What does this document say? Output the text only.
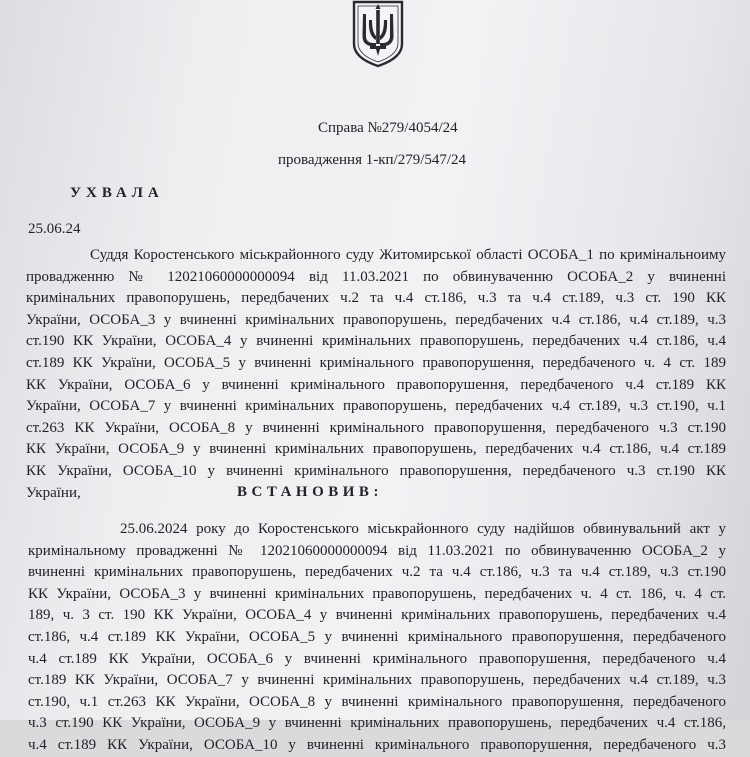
Справа №279/4054/24
провадження 1-кп/279/547/24
УХВАЛА
25.06.24
Суддя Коростенського міськрайонного суду Житомирської області ОСОБА_1 по кримінальноиму
провадженню № 12021060000000094 від 11.03.2021 по обвинуваченню ОСОБА_2 у вчиненні
кримінальних правопорушень, передбачених ч.2 та ч.4 ст.186, ч.3 та ч.4 ст.189, ч.3 ст. 190 КК
України, ОСОБА_3 у вчиненні кримінальних правопорушень, передбачених ч.4 ст.186, ч.4 ст.189, ч.3
ст.190 КК України, ОСОБА_4 у вчиненні кримінальних правопорушень, передбачених ч.4 ст.186, ч.4
ст.189 КК України, ОСОБА_5 у вчиненні кримінального правопорушення, передбаченого ч. 4 ст. 189
КК України, ОСОБА_6 у вчиненні кримінального правопорушення, передбаченого ч.4 ст.189 КК
України, ОСОБА_7 у вчиненні кримінальних правопорушень, передбачених ч.4 ст.189, ч.3 ст.190, ч.1
ст.263 КК України, ОСОБА_8 у вчиненні кримінального правопорушення, передбаченого ч.3 ст.190
КК України, ОСОБА_9 у вчиненні кримінальних правопорушень, передбачених ч.4 ст.186, ч.4 ст.189
КК України, ОСОБА_10 у вчиненні кримінального правопорушення, передбаченого ч.3 ст.190 КК
України,	ВСТАНОВИВ:
25.06.2024 року до Коростенського міськрайонного суду надійшов обвинувальний акт у
кримінальному провадженні № 12021060000000094 від 11.03.2021 по обвинуваченню ОСОБА_2 у
вчиненні кримінальних правопорушень, передбачених ч.2 та ч.4 ст.186, ч.3 та ч.4 ст.189, ч.3 ст.190
КК України, ОСОБА_3 у вчиненні кримінальних правопорушень, передбачених ч. 4 ст. 186, ч. 4 ст.
189, ч. 3 ст. 190 КК України, ОСОБА_4 у вчиненні кримінальних правопорушень, передбачених ч.4
ст.186, ч.4 ст.189 КК України, ОСОБА_5 у вчиненні кримінального правопорушення, передбаченого
ч.4 ст.189 КК України, ОСОБА_6 у вчиненні кримінального правопорушення, передбаченого ч.4
ст.189 КК України, ОСОБА_7 у вчиненні кримінальних правопорушень, передбачених ч.4 ст.189, ч.3
ст.190, ч.1 ст.263 КК України, ОСОБА_8 у вчиненні кримінального правопорушення, передбаченого
ч.3 ст.190 КК України, ОСОБА_9 у вчиненні кримінальних правопорушень, передбачених ч.4 ст.186,
ч.4 ст.189 КК України, ОСОБА_10 у вчиненні кримінального правопорушення, передбаченого ч.3
